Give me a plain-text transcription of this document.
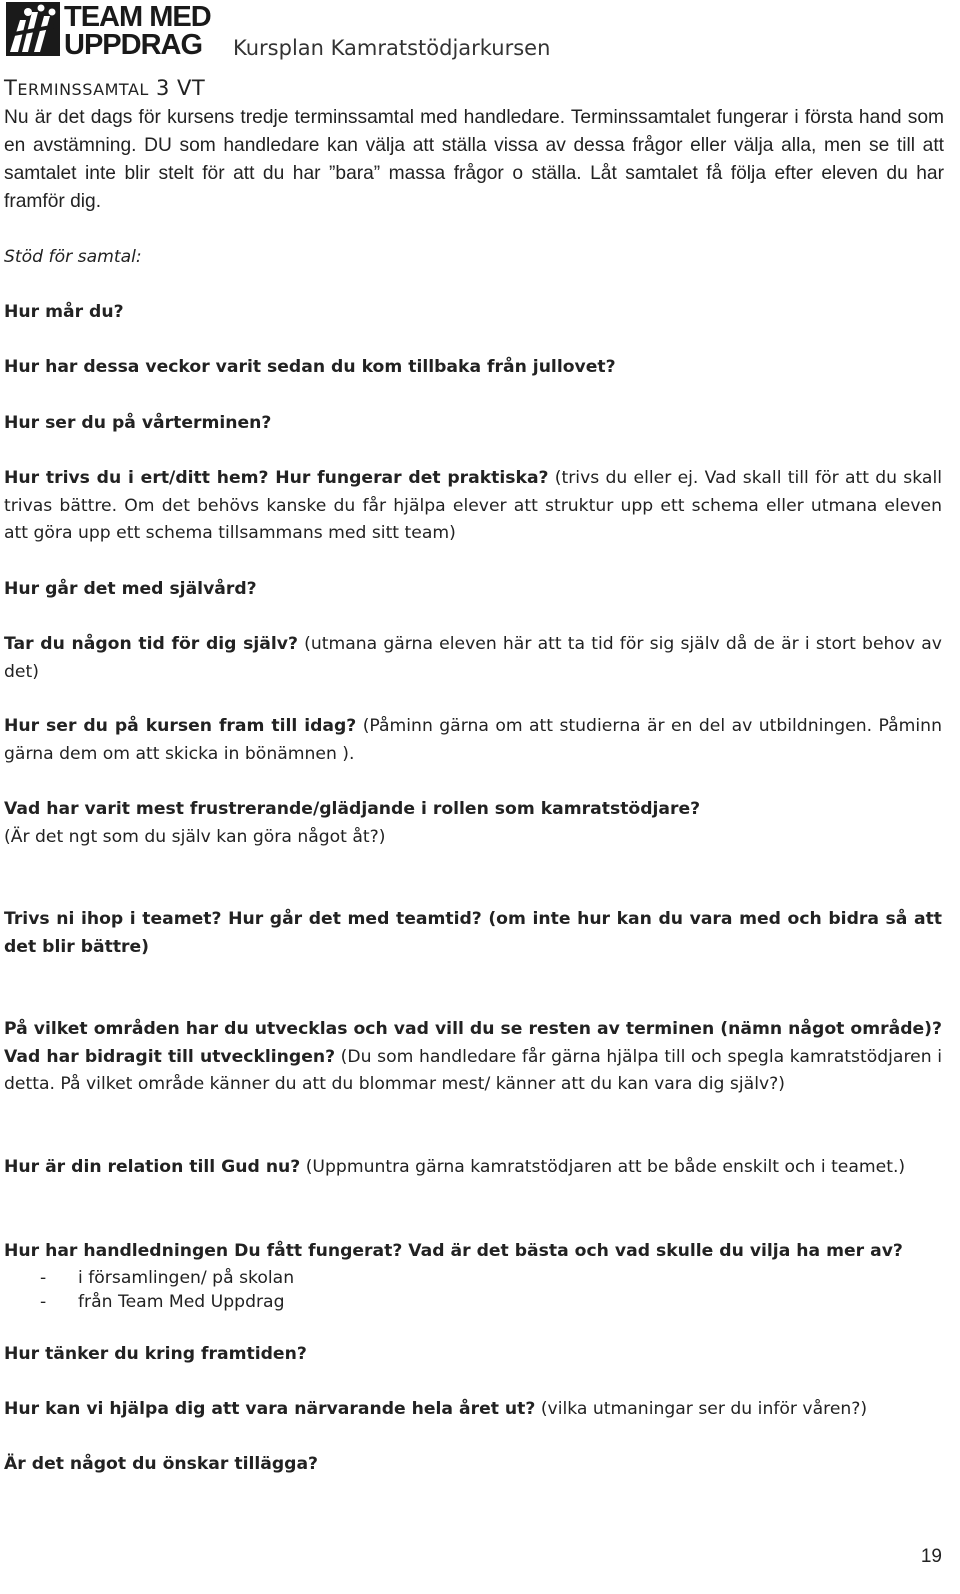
TEAM MED
UPPDRAG Kursplan Kamratstödjarkursen
TERMINSSAMTAL 3 VT
Nu är det dags för kursens tredje terminssamtal med handledare. Terminssamtalet fungerar i första hand som en avstämning. DU som handledare kan välja att ställa vissa av dessa frågor eller välja alla, men se till att samtalet inte blir stelt för att du har ”bara” massa frågor o ställa. Låt samtalet få följa efter eleven du har framför dig.
Stöd för samtal:
Hur mår du?
Hur har dessa veckor varit sedan du kom tillbaka från jullovet?
Hur ser du på vårterminen?
Hur trivs du i ert/ditt hem? Hur fungerar det praktiska? (trivs du eller ej. Vad skall till för att du skall trivas bättre. Om det behövs kanske du får hjälpa elever att struktur upp ett schema eller utmana eleven att göra upp ett schema tillsammans med sitt team)
Hur går det med självård?
Tar du någon tid för dig själv? (utmana gärna eleven här att ta tid för sig själv då de är i stort behov av det)
Hur ser du på kursen fram till idag? (Påminn gärna om att studierna är en del av utbildningen. Påminn gärna dem om att skicka in bönämnen ).
Vad har varit mest frustrerande/glädjande i rollen som kamratstödjare?
(Är det ngt som du själv kan göra något åt?)
Trivs ni ihop i teamet? Hur går det med teamtid? (om inte hur kan du vara med och bidra så att det blir bättre)
På vilket områden har du utvecklas och vad vill du se resten av terminen (nämn något område)? Vad har bidragit till utvecklingen? (Du som handledare får gärna hjälpa till och spegla kamratstödjaren i detta. På vilket område känner du att du blommar mest/ känner att du kan vara dig själv?)
Hur är din relation till Gud nu? (Uppmuntra gärna kamratstödjaren att be både enskilt och i teamet.)
Hur har handledningen Du fått fungerat? Vad är det bästa och vad skulle du vilja ha mer av?
-	i församlingen/ på skolan
-	från Team Med Uppdrag
Hur tänker du kring framtiden?
Hur kan vi hjälpa dig att vara närvarande hela året ut? (vilka utmaningar ser du inför våren?)
Är det något du önskar tillägga?
19
